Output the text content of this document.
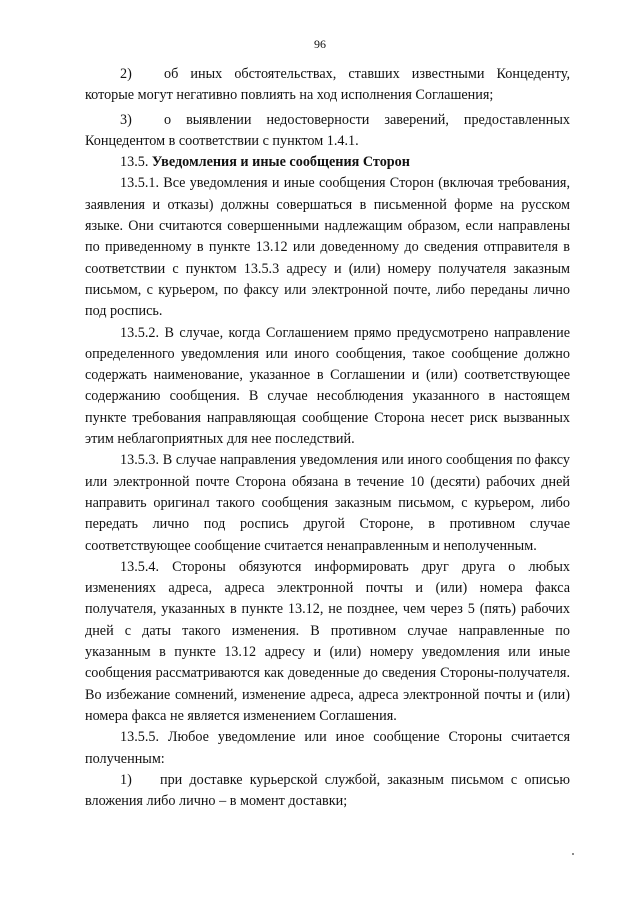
96

2) об иных обстоятельствах, ставших известными Концеденту, которые могут негативно повлиять на ход исполнения Соглашения;

3) о выявлении недостоверности заверений, предоставленных Концедентом в соответствии с пунктом 1.4.1.

13.5. Уведомления и иные сообщения Сторон

13.5.1. Все уведомления и иные сообщения Сторон (включая требования, заявления и отказы) должны совершаться в письменной форме на русском языке. Они считаются совершенными надлежащим образом, если направлены по приведенному в пункте 13.12 или доведенному до сведения отправителя в соответствии с пунктом 13.5.3 адресу и (или) номеру получателя заказным письмом, с курьером, по факсу или электронной почте, либо переданы лично под роспись.

13.5.2. В случае, когда Соглашением прямо предусмотрено направление определенного уведомления или иного сообщения, такое сообщение должно содержать наименование, указанное в Соглашении и (или) соответствующее содержанию сообщения. В случае несоблюдения указанного в настоящем пункте требования направляющая сообщение Сторона несет риск вызванных этим неблагоприятных для нее последствий.

13.5.3. В случае направления уведомления или иного сообщения по факсу или электронной почте Сторона обязана в течение 10 (десяти) рабочих дней направить оригинал такого сообщения заказным письмом, с курьером, либо передать лично под роспись другой Стороне, в противном случае соответствующее сообщение считается ненаправленным и неполученным.

13.5.4. Стороны обязуются информировать друг друга о любых изменениях адреса, адреса электронной почты и (или) номера факса получателя, указанных в пункте 13.12, не позднее, чем через 5 (пять) рабочих дней с даты такого изменения. В противном случае направленные по указанным в пункте 13.12 адресу и (или) номеру уведомления или иные сообщения рассматриваются как доведенные до сведения Стороны-получателя. Во избежание сомнений, изменение адреса, адреса электронной почты и (или) номера факса не является изменением Соглашения.

13.5.5. Любое уведомление или иное сообщение Стороны считается полученным:

1) при доставке курьерской службой, заказным письмом с описью вложения либо лично – в момент доставки;
